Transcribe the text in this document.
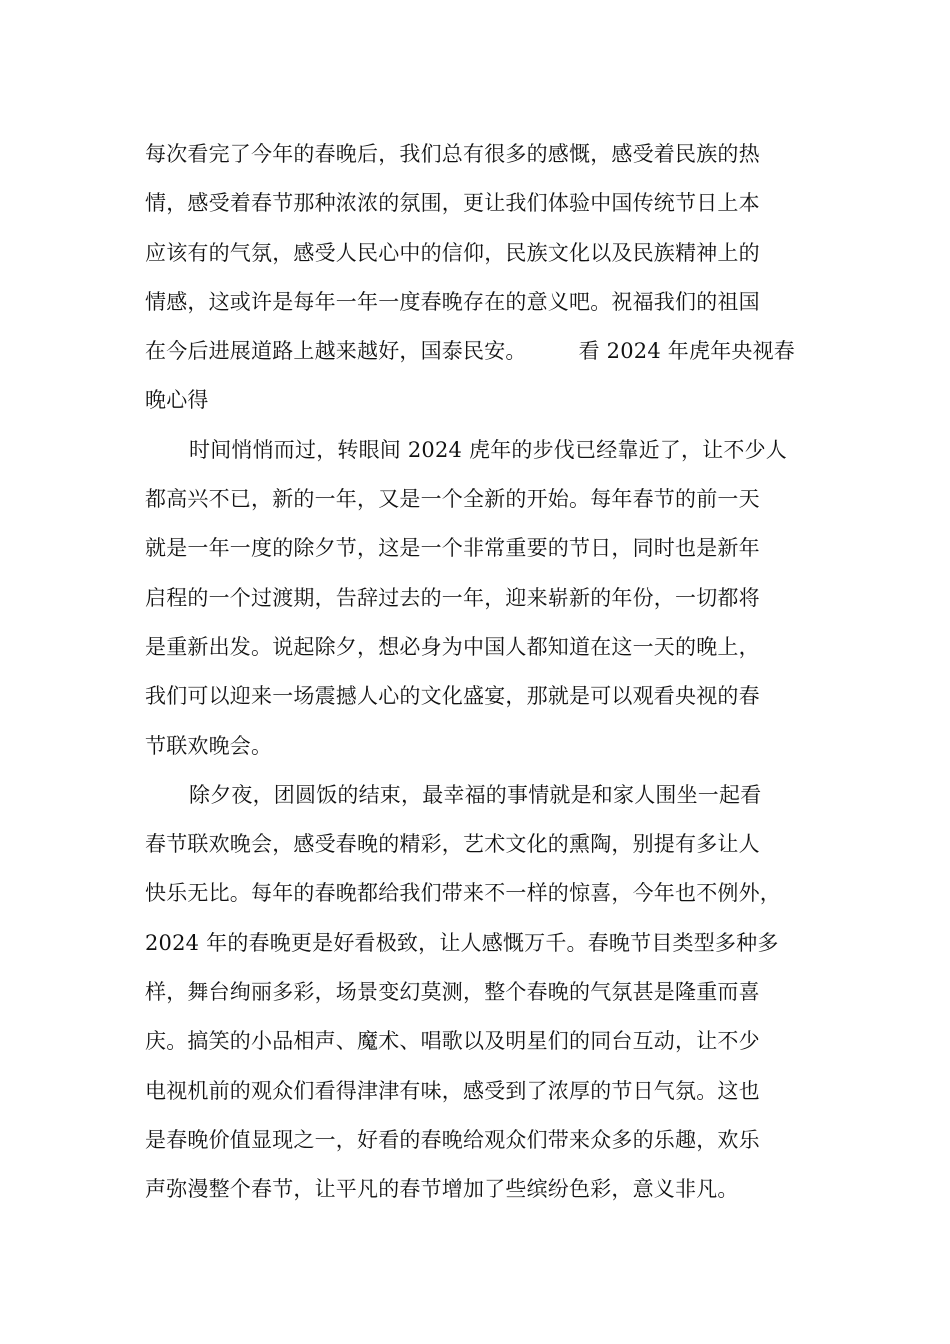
每次看完了今年的春晚后，我们总有很多的感慨，感受着民族的热
情，感受着春节那种浓浓的氛围，更让我们体验中国传统节日上本
应该有的气氛，感受人民心中的信仰，民族文化以及民族精神上的
情感，这或许是每年一年一度春晚存在的意义吧。祝福我们的祖国
在今后进展道路上越来越好，国泰民安。 看 2024 年虎年央视春
晚心得
时间悄悄而过，转眼间 2024 虎年的步伐已经靠近了，让不少人
都高兴不已，新的一年，又是一个全新的开始。每年春节的前一天
就是一年一度的除夕节，这是一个非常重要的节日，同时也是新年
启程的一个过渡期，告辞过去的一年，迎来崭新的年份，一切都将
是重新出发。说起除夕，想必身为中国人都知道在这一天的晚上，
我们可以迎来一场震撼人心的文化盛宴，那就是可以观看央视的春
节联欢晚会。
除夕夜，团圆饭的结束，最幸福的事情就是和家人围坐一起看
春节联欢晚会，感受春晚的精彩，艺术文化的熏陶，别提有多让人
快乐无比。每年的春晚都给我们带来不一样的惊喜，今年也不例外，
2024 年的春晚更是好看极致，让人感慨万千。春晚节目类型多种多
样，舞台绚丽多彩，场景变幻莫测，整个春晚的气氛甚是隆重而喜
庆。搞笑的小品相声、魔术、唱歌以及明星们的同台互动，让不少
电视机前的观众们看得津津有味，感受到了浓厚的节日气氛。这也
是春晚价值显现之一，好看的春晚给观众们带来众多的乐趣，欢乐
声弥漫整个春节，让平凡的春节增加了些缤纷色彩，意义非凡。
